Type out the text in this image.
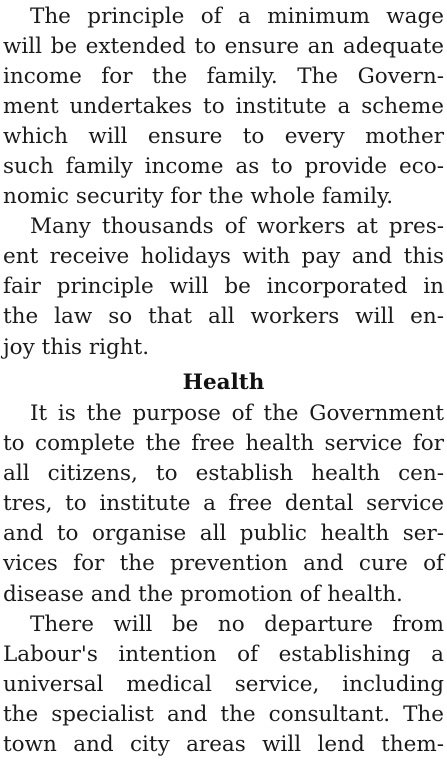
The principle of a minimum wage
will be extended to ensure an adequate
income for the family. The Govern-
ment undertakes to institute a scheme
which will ensure to every mother
such family income as to provide eco-
nomic security for the whole family.
Many thousands of workers at pres-
ent receive holidays with pay and this
fair principle will be incorporated in
the law so that all workers will en-
joy this right.
Health
It is the purpose of the Government
to complete the free health service for
all citizens, to establish health cen-
tres, to institute a free dental service
and to organise all public health ser-
vices for the prevention and cure of
disease and the promotion of health.
There will be no departure from
Labour's intention of establishing a
universal medical service, including
the specialist and the consultant. The
town and city areas will lend them-
